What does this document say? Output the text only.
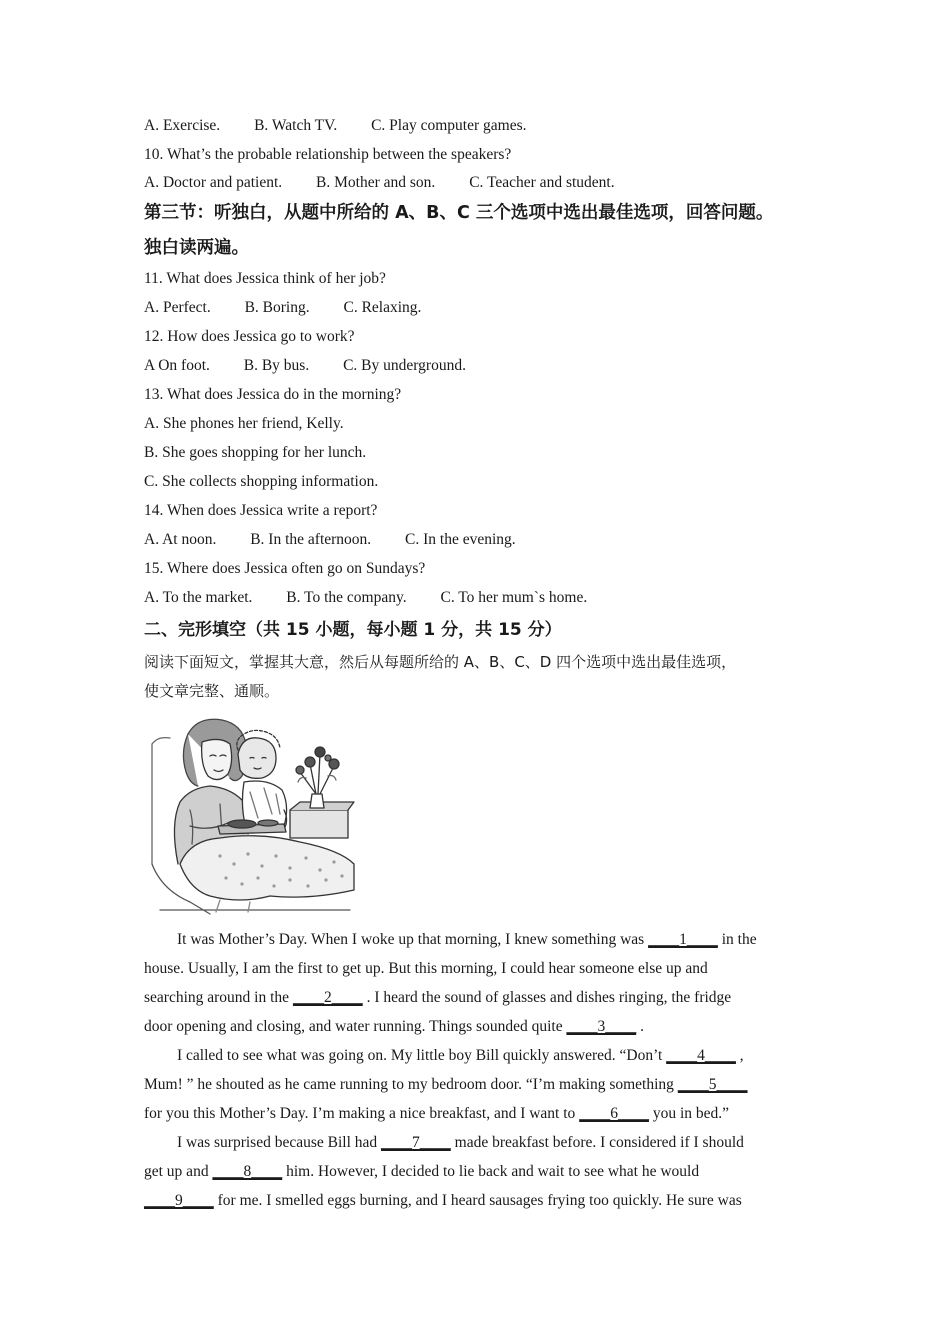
A. Exercise. B. Watch TV. C. Play computer games.
10. What’s the probable relationship between the speakers?
A. Doctor and patient. B. Mother and son. C. Teacher and student.
第三节：听独白，从题中所给的 A、B、C 三个选项中选出最佳选项，回答问题。
独白读两遍。
11. What does Jessica think of her job?
A. Perfect. B. Boring. C. Relaxing.
12. How does Jessica go to work?
A On foot. B. By bus. C. By underground.
13. What does Jessica do in the morning?
A. She phones her friend, Kelly.
B. She goes shopping for her lunch.
C. She collects shopping information.
14. When does Jessica write a report?
A. At noon. B. In the afternoon. C. In the evening.
15. Where does Jessica often go on Sundays?
A. To the market. B. To the company. C. To her mum`s home.
二、完形填空（共 15 小题，每小题 1 分，共 15 分）
阅读下面短文，掌握其大意，然后从每题所给的 A、B、C、D 四个选项中选出最佳选项，
使文章完整、通顺。
It was Mother’s Day. When I woke up that morning, I knew something was ____1____ in the
house. Usually, I am the first to get up. But this morning, I could hear someone else up and
searching around in the ____2____ . I heard the sound of glasses and dishes ringing, the fridge
door opening and closing, and water running. Things sounded quite ____3____ .
I called to see what was going on. My little boy Bill quickly answered. “Don’t ____4____ ,
Mum! ” he shouted as he came running to my bedroom door. “I’m making something ____5____
for you this Mother’s Day. I’m making a nice breakfast, and I want to ____6____ you in bed.”
I was surprised because Bill had ____7____ made breakfast before. I considered if I should
get up and ____8____ him. However, I decided to lie back and wait to see what he would
____9____ for me. I smelled eggs burning, and I heard sausages frying too quickly. He sure was
